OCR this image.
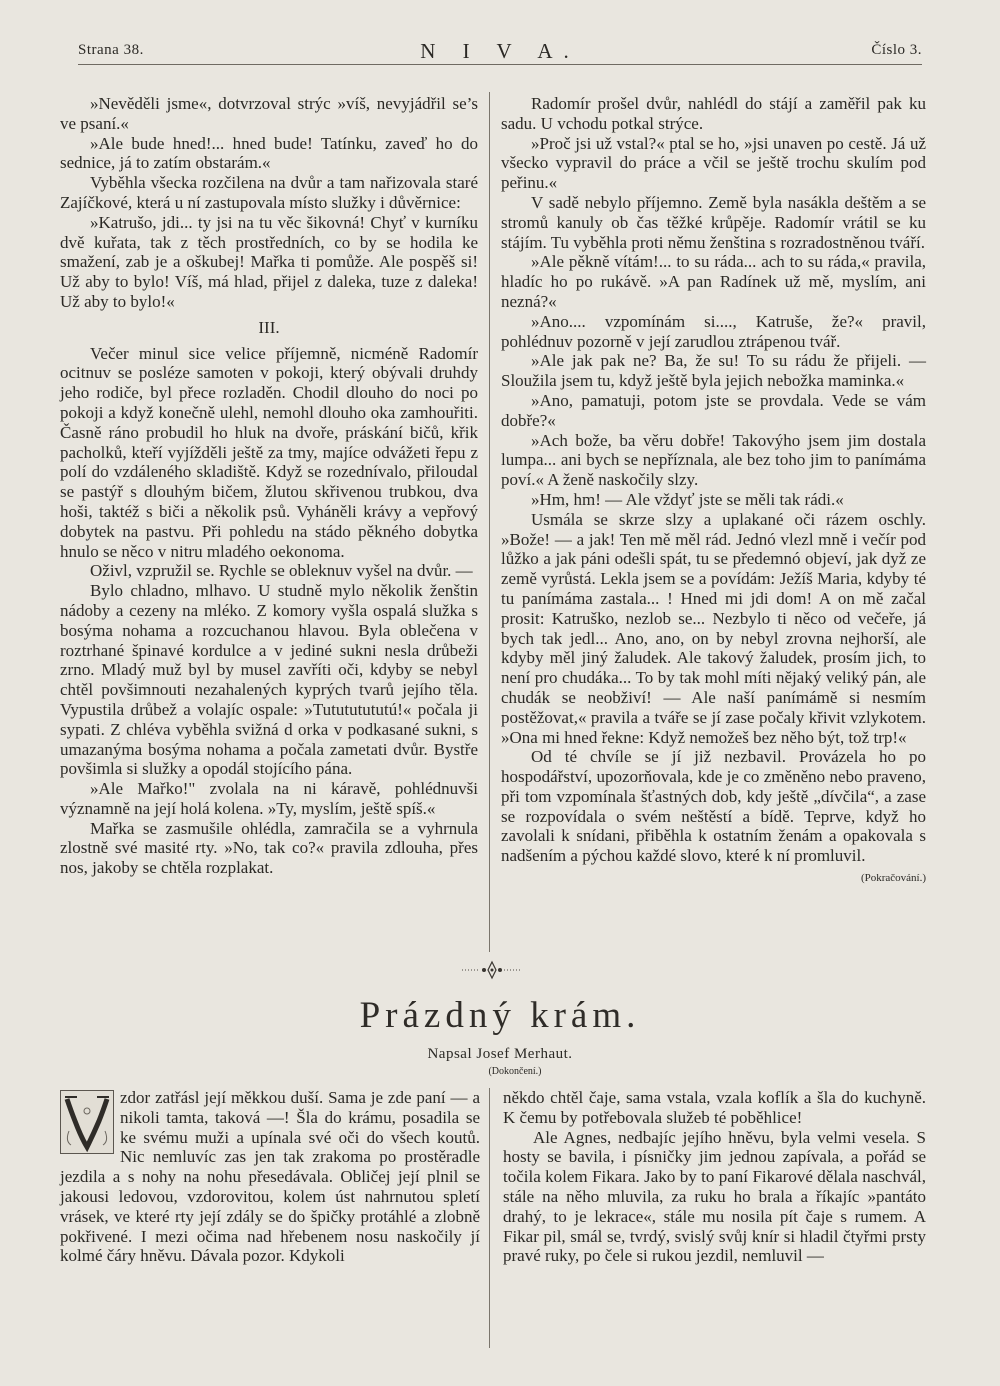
Strana 38.	N I V A.	Číslo 3.

»Nevěděli jsme«, dotvrzoval strýc »víš, nevyjádřil se’s ve psaní.«

»Ale bude hned!... hned bude! Tatínku, zaveď ho do sednice, já to zatím obstarám.«

Vyběhla všecka rozčilena na dvůr a tam nařizovala staré Zajíčkové, která u ní zastupovala místo služky i důvěrnice:

»Katrušo, jdi... ty jsi na tu věc šikovná! Chyť v kurníku dvě kuřata, tak z těch prostředních, co by se hodila ke smažení, zab je a oškubej! Mařka ti pomůže. Ale pospěš si! Už aby to bylo! Víš, má hlad, přijel z daleka, tuze z daleka! Už aby to bylo!«

III.

Večer minul sice velice příjemně, nicméně Radomír ocitnuv se posléze samoten v pokoji, který obývali druhdy jeho rodiče, byl přece rozladěn. Chodil dlouho do noci po pokoji a když konečně ulehl, nemohl dlouho oka zamhouřiti. Časně ráno probudil ho hluk na dvoře, práskání bičů, křik pacholků, kteří vyjížděli ještě za tmy, majíce odvážeti řepu z polí do vzdáleného skladiště. Když se rozednívalo, přiloudal se pastýř s dlouhým bičem, žlutou skřivenou trubkou, dva hoši, taktéž s biči a několik psů. Vyháněli krávy a vepřový dobytek na pastvu. Při pohledu na stádo pěkného dobytka hnulo se něco v nitru mladého oekonoma.

Oživl, vzpružil se. Rychle se obleknuv vyšel na dvůr. —

Bylo chladno, mlhavo. U studně mylo několik ženštin nádoby a cezeny na mléko. Z komory vyšla ospalá služka s bosýma nohama a rozcuchanou hlavou. Byla oblečena v roztrhané špinavé kordulce a v jediné sukni nesla drůbeži zrno. Mladý muž byl by musel zavříti oči, kdyby se nebyl chtěl povšimnouti nezahalených kyprých tvarů jejího těla. Vypustila drůbež a volajíc ospale: »Tutututututú!« počala ji sypati. Z chléva vyběhla svižná d orka v podkasané sukni, s umazanýma bosýma nohama a počala zametati dvůr. Bystře povšimla si služky a opodál stojícího pána.

»Ale Mařko!" zvolala na ni káravě, pohlédnuvši významně na její holá kolena. »Ty, myslím, ještě spíš.«

Mařka se zasmušile ohlédla, zamračila se a vyhrnula zlostně své masité rty. »No, tak co?« pravila zdlouha, přes nos, jakoby se chtěla rozplakat.

Radomír prošel dvůr, nahlédl do stájí a zaměřil pak ku sadu. U vchodu potkal strýce.

»Proč jsi už vstal?« ptal se ho, »jsi unaven po cestě. Já už všecko vypravil do práce a včil se ještě trochu skulím pod peřinu.«

V sadě nebylo příjemno. Země byla nasákla deštěm a se stromů kanuly ob čas těžké krůpěje. Radomír vrátil se ku stájím. Tu vyběhla proti němu ženština s rozradostněnou tváří.

»Ale pěkně vítám!... to su ráda... ach to su ráda,« pravila, hladíc ho po rukávě. »A pan Radínek už mě, myslím, ani nezná?«

»Ano.... vzpomínám si...., Katruše, že?« pravil, pohlédnuv pozorně v její zarudlou ztrápenou tvář.

»Ale jak pak ne? Ba, že su! To su rádu že přijeli. — Sloužila jsem tu, když ještě byla jejich nebožka maminka.«

»Ano, pamatuji, potom jste se provdala. Vede se vám dobře?«

»Ach bože, ba věru dobře! Takovýho jsem jim dostala lumpa... ani bych se nepříznala, ale bez toho jim to panímáma poví.« A ženě naskočily slzy.

»Hm, hm! — Ale vždyť jste se měli tak rádi.«

Usmála se skrze slzy a uplakané oči rázem oschly. »Bože! — a jak! Ten mě měl rád. Jednó vlezl mně i večír pod lůžko a jak páni odešli spát, tu se předemnó objeví, jak dyž ze země vyrůstá. Lekla jsem se a povídám: Ježíš Maria, kdyby té tu panímáma zastala... ! Hned mi jdi dom! A on mě začal prosit: Katruško, nezlob se... Nezbylo ti něco od večeře, já bych tak jedl... Ano, ano, on by nebyl zrovna nejhorší, ale kdyby měl jiný žaludek. Ale takový žaludek, prosím jich, to není pro chudáka... To by tak mohl míti nějaký veliký pán, ale chudák se neobživí! — Ale naší panímámě si nesmím postěžovat,« pravila a tváře se jí zase počaly křivit vzlykotem. »Ona mi hned řekne: Když nemožeš bez něho být, tož trp!«

Od té chvíle se jí již nezbavil. Provázela ho po hospodářství, upozorňovala, kde je co změněno nebo praveno, při tom vzpomínala šťastných dob, kdy ještě „dívčila“, a zase se rozpovídala o svém neštěstí a bídě. Teprve, když ho zavolali k snídani, přiběhla k ostatním ženám a opakovala s nadšením a pýchou každé slovo, které k ní promluvil.
(Pokračování.)

Prázdný krám.
Napsal Josef Merhaut.
(Dokončení.)

zdor zatřásl její měkkou duší. Sama je zde paní — a nikoli tamta, taková —! Šla do krámu, posadila se ke svému muži a upínala své oči do všech koutů. Nic nemluvíc zas jen tak zrakoma po prostěradle jezdila a s nohy na nohu přesedávala. Obličej její plnil se jakousi ledovou, vzdorovitou, kolem úst nahrnutou spletí vrásek, ve které rty její zdály se do špičky protáhlé a zlobně pokřivené. I mezi očima nad hřebenem nosu naskočily jí kolmé čáry hněvu. Dávala pozor. Kdykoli

někdo chtěl čaje, sama vstala, vzala koflík a šla do kuchyně. K čemu by potřebovala služeb té poběhlice!

Ale Agnes, nedbajíc jejího hněvu, byla velmi vesela. S hosty se bavila, i písničky jim jednou zapívala, a pořád se točila kolem Fikara. Jako by to paní Fikarové dělala naschvál, stále na něho mluvila, za ruku ho brala a říkajíc »pantáto drahý, to je lekrace«, stále mu nosila pít čaje s rumem. A Fikar pil, smál se, tvrdý, svislý svůj knír si hladil čtyřmi prsty pravé ruky, po čele si rukou jezdil, nemluvil —
